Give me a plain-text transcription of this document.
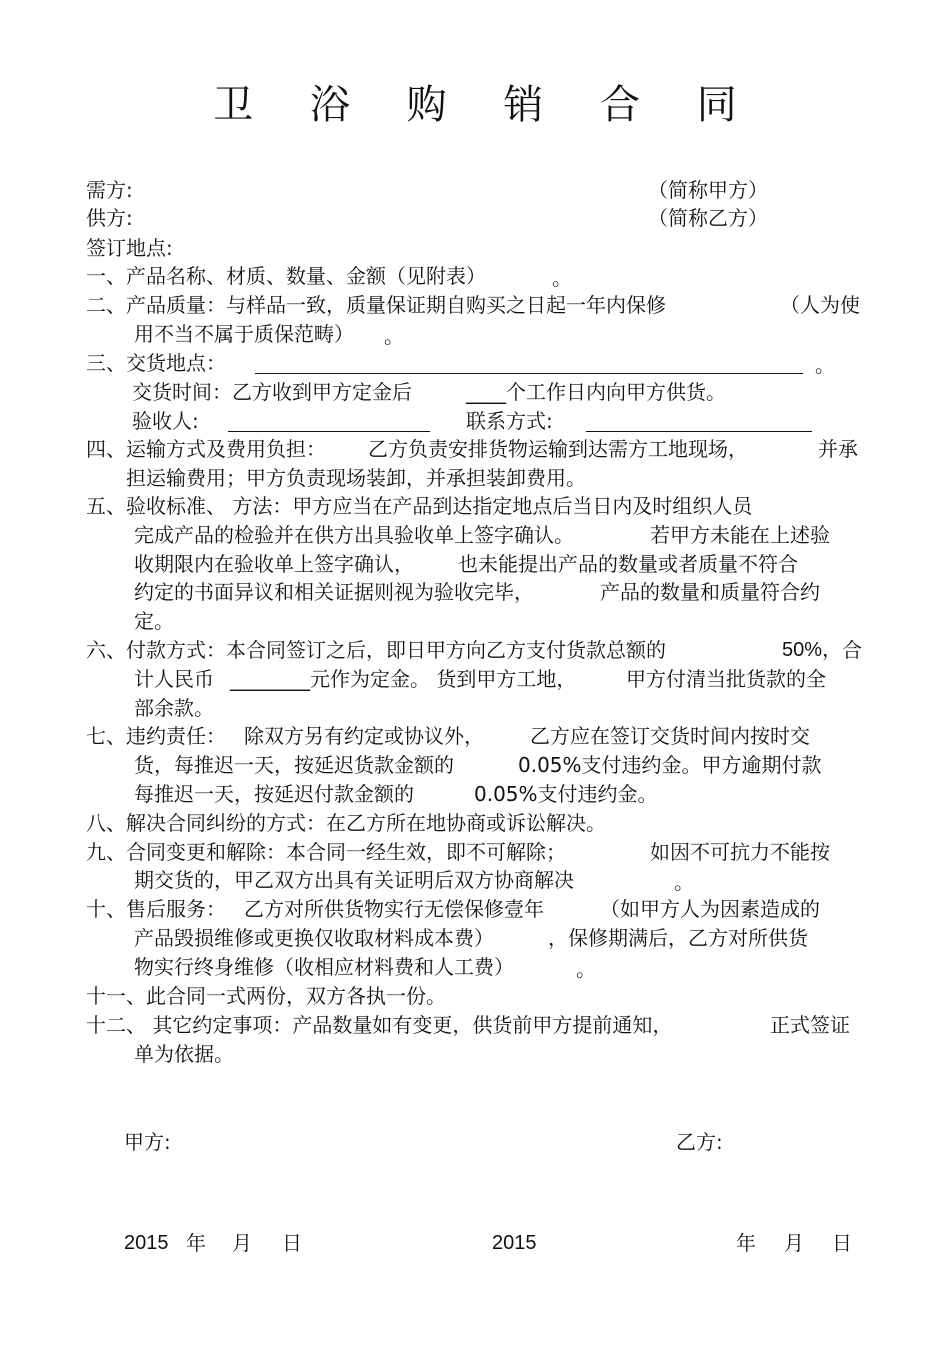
卫 浴 购 销 合 同
需方:	（简称甲方）
供方:	（简称乙方）
签订地点:
一、产品名称、材质、数量、金额（见附表）	。
二、产品质量：与样品一致，质量保证期自购买之日起一年内保修	（人为使
用不当不属于质保范畴） 。
三、交货地点：	。
交货时间：乙方收到甲方定金后	____个工作日内向甲方供货。
验收人:	联系方式:
四、运输方式及费用负担： 乙方负责安排货物运输到达需方工地现场，	并承
担运输费用；甲方负责现场装卸，并承担装卸费用。
五、验收标准、 方法：甲方应当在产品到达指定地点后当日内及时组织人员
完成产品的检验并在供方出具验收单上签字确认。	若甲方未能在上述验
收期限内在验收单上签字确认， 也未能提出产品的数量或者质量不符合
约定的书面异议和相关证据则视为验收完毕，	产品的数量和质量符合约
定。
六、付款方式：本合同签订之后，即日甲方向乙方支付货款总额的	50%， 合
计人民币 ________元作为定金。 货到甲方工地， 甲方付清当批货款的全
部余款。
七、违约责任： 除双方另有约定或协议外， 乙方应在签订交货时间内按时交
货，每推迟一天，按延迟货款金额的	0.05%支付违约金。甲方逾期付款
每推迟一天，按延迟付款金额的	0.05%支付违约金。
八、解决合同纠纷的方式：在乙方所在地协商或诉讼解决。
九、合同变更和解除：本合同一经生效，即不可解除；	如因不可抗力不能按
期交货的，甲乙双方出具有关证明后双方协商解决	。
十、售后服务： 乙方对所供货物实行无偿保修壹年	（如甲方人为因素造成的
产品毁损维修或更换仅收取材料成本费）	，保修期满后，乙方对所供货
物实行终身维修（收相应材料费和人工费）	。
十一、此合同一式两份，双方各执一份。
十二、 其它约定事项：产品数量如有变更，供货前甲方提前通知，	正式签证
单为依据。
甲方:	乙方:
2015 年 月 日	2015	年 月 日
